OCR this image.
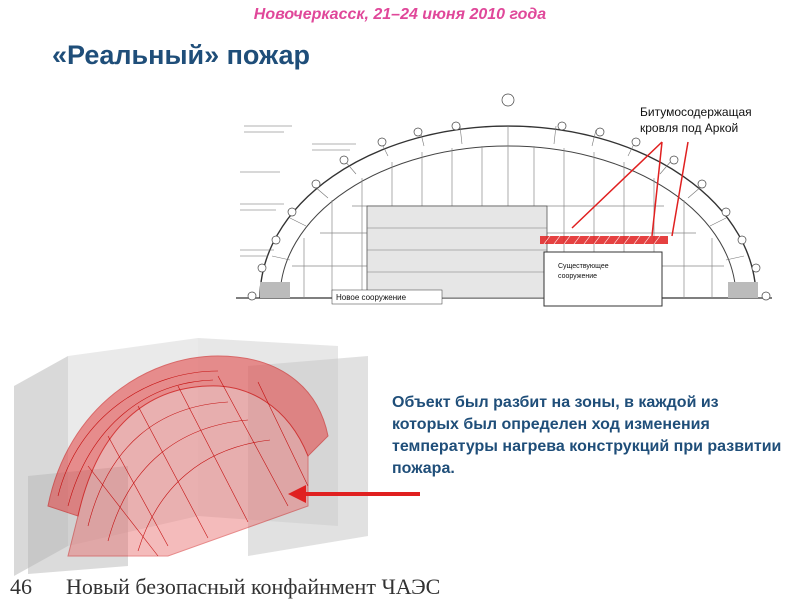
Новочеркасск, 21–24 июня 2010 года
«Реальный» пожар
Новое сооружение
Существующее
сооружение
Битумосодержащая
кровля под Аркой
Объект был разбит на зоны, в каждой из которых был определен ход изменения температуры нагрева конструкций при развитии пожара.
46 Новый безопасный конфайнмент ЧАЭС
